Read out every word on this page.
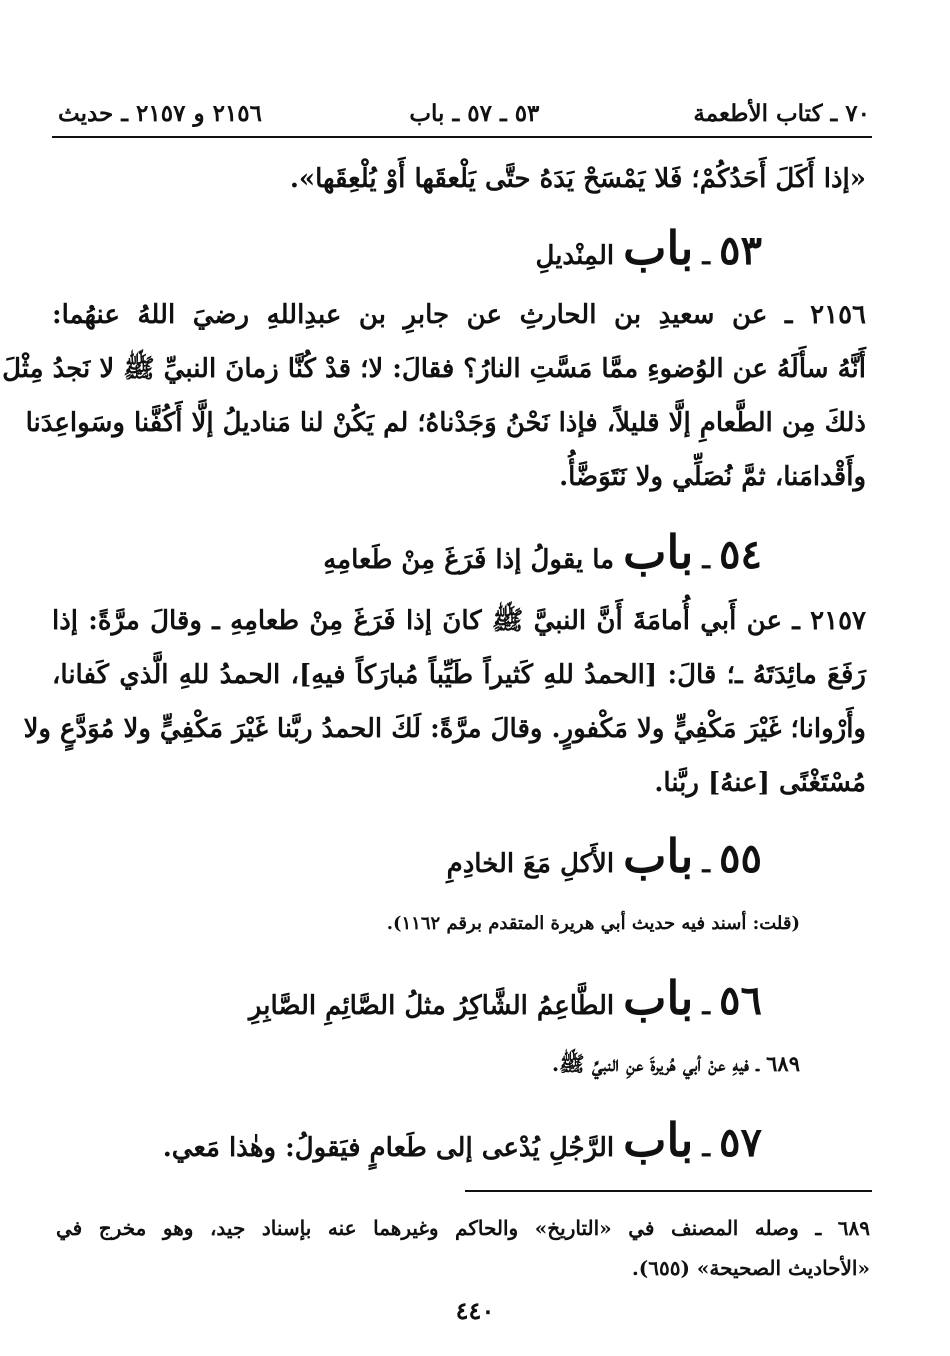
٧٠ ـ كتاب الأطعمة
٥٣ ـ ٥٧ ـ باب
٢١٥٦ و ٢١٥٧ ـ حديث
«إذا أَكَلَ أَحَدُكُمْ؛ فَلا يَمْسَحْ يَدَهُ حتَّى يَلْعقَها أَوْ يُلْعِقَها».
٥٣ ـ باب المِنْديلِ
٢١٥٦ ـ عن سعيدِ بن الحارثِ عن جابرِ بن عبدِاللهِ رضيَ اللهُ عنهُما:
أَنَّهُ سأَلَهُ عن الوُضوءِ ممَّا مَسَّتِ النارُ؟ فقالَ: لا؛ قدْ كُنَّا زمانَ النبيِّ ﷺ لا نَجدُ مِثْلَ
ذلكَ مِن الطَّعامِ إلَّا قليلاً، فإذا نَحْنُ وَجَدْناهُ؛ لم يَكُنْ لنا مَناديلُ إلَّا أَكُفَّنا وسَواعِدَنا
وأَقْدامَنا، ثمَّ نُصَلِّي ولا نَتَوَضَّأُ.
٥٤ ـ باب ما يقولُ إذا فَرَغَ مِنْ طَعامِهِ
٢١٥٧ ـ عن أَبي أُمامَةَ أَنَّ النبيَّ ﷺ كانَ إذا فَرَغَ مِنْ طعامِهِ ـ وقالَ مرَّةً: إذا
رَفَعَ مائِدَتَهُ ـ؛ قالَ: [الحمدُ للهِ كَثيراً طَيِّباً مُبارَكاً فيهِ]، الحمدُ للهِ الَّذي كَفانا،
وأَرْوانا؛ غَيْرَ مَكْفِيٍّ ولا مَكْفورٍ. وقالَ مرَّةً: لَكَ الحمدُ ربَّنا غَيْرَ مَكْفِيٍّ ولا مُوَدَّعٍ ولا
مُسْتَغْنًى [عنهُ] ربَّنا.
٥٥ ـ باب الأَكلِ مَعَ الخادِمِ
(قلت: أسند فيه حديث أبي هريرة المتقدم برقم ١١٦٢).
٥٦ ـ باب الطَّاعِمُ الشَّاكِرُ مثلُ الصَّائِمِ الصَّابِرِ
٦٨٩ ـ فيهِ عنْ أبي هُريرةَ عنِ النبيِّ ﷺ.
٥٧ ـ باب الرَّجُلِ يُدْعى إلى طَعامٍ فيَقولُ: وهٰذا مَعي.
٦٨٩ ـ وصله المصنف في «التاريخ» والحاكم وغيرهما عنه بإسناد جيد، وهو مخرج في
«الأحاديث الصحيحة» (٦٥٥).
٤٤٠
